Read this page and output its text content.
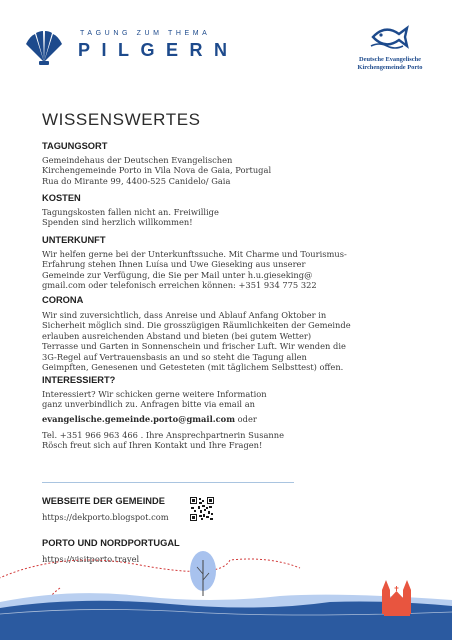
TAGUNG ZUM THEMA
PILGERN	Deutsche Evangelische
Kirchengemeinde Porto
WISSENSWERTES
TAGUNGSORT
Gemeindehaus der Deutschen Evangelischen
Kirchengemeinde Porto in Vila Nova de Gaia, Portugal
Rua do Mirante 99, 4400-525 Canidelo/ Gaia
KOSTEN
Tagungskosten fallen nicht an. Freiwillige
Spenden sind herzlich willkommen!
UNTERKUNFT
Wir helfen gerne bei der Unterkunftssuche. Mit Charme und Tourismus-
Erfahrung stehen Ihnen Luísa und Uwe Gieseking aus unserer
Gemeinde zur Verfügung, die Sie per Mail unter h.u.gieseking@
gmail.com oder telefonisch erreichen können: +351 934 775 322
CORONA
Wir sind zuversichtlich, dass Anreise und Ablauf Anfang Oktober in
Sicherheit möglich sind. Die grosszügigen Räumlichkeiten der Gemeinde
erlauben ausreichenden Abstand und bieten (bei gutem Wetter)
Terrasse und Garten in Sonnenschein und frischer Luft. Wir wenden die
3G-Regel auf Vertrauensbasis an und so steht die Tagung allen
Geimpften, Genesenen und Getesteten (mit täglichem Selbsttest) offen.
INTERESSIERT?
Interessiert? Wir schicken gerne weitere Information
ganz unverbindlich zu. Anfragen bitte via email an
evangelische.gemeinde.porto@gmail.com oder
Tel. +351 966 963 466 . Ihre Ansprechpartnerin Susanne
Rösch freut sich auf Ihren Kontakt und Ihre Fragen!
WEBSEITE DER GEMEINDE
https://dekporto.blogspot.com
PORTO UND NORDPORTUGAL
https://visitporto.travel
